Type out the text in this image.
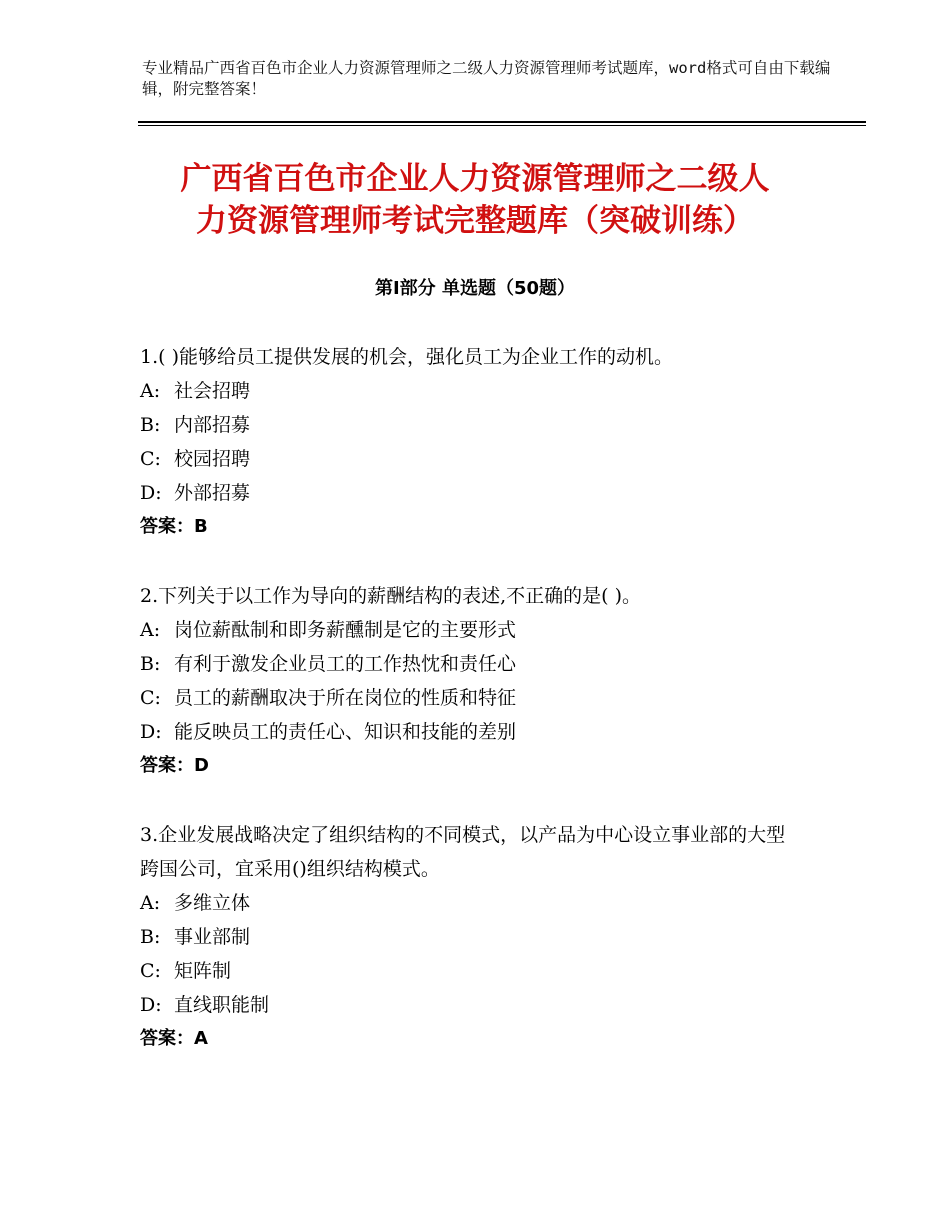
专业精品广西省百色市企业人力资源管理师之二级人力资源管理师考试题库，word格式可自由下载编辑，附完整答案！
广西省百色市企业人力资源管理师之二级人
力资源管理师考试完整题库（突破训练）
第Ⅰ部分 单选题（50题）

1.( )能够给员工提供发展的机会，强化员工为企业工作的动机。

A: 社会招聘

B: 内部招募

C: 校园招聘

D: 外部招募

答案：B

2.下列关于以工作为导向的薪酬结构的表述,不正确的是( )。

A: 岗位薪酞制和即务薪醺制是它的主要形式

B: 有利于激发企业员工的工作热忱和责任心

C: 员工的薪酬取决于所在岗位的性质和特征

D: 能反映员工的责任心、知识和技能的差别

答案：D

3.企业发展战略决定了组织结构的不同模式，以产品为中心设立事业部的大型跨国公司，宜采用()组织结构模式。

A: 多维立体

B: 事业部制

C: 矩阵制

D: 直线职能制

答案：A
